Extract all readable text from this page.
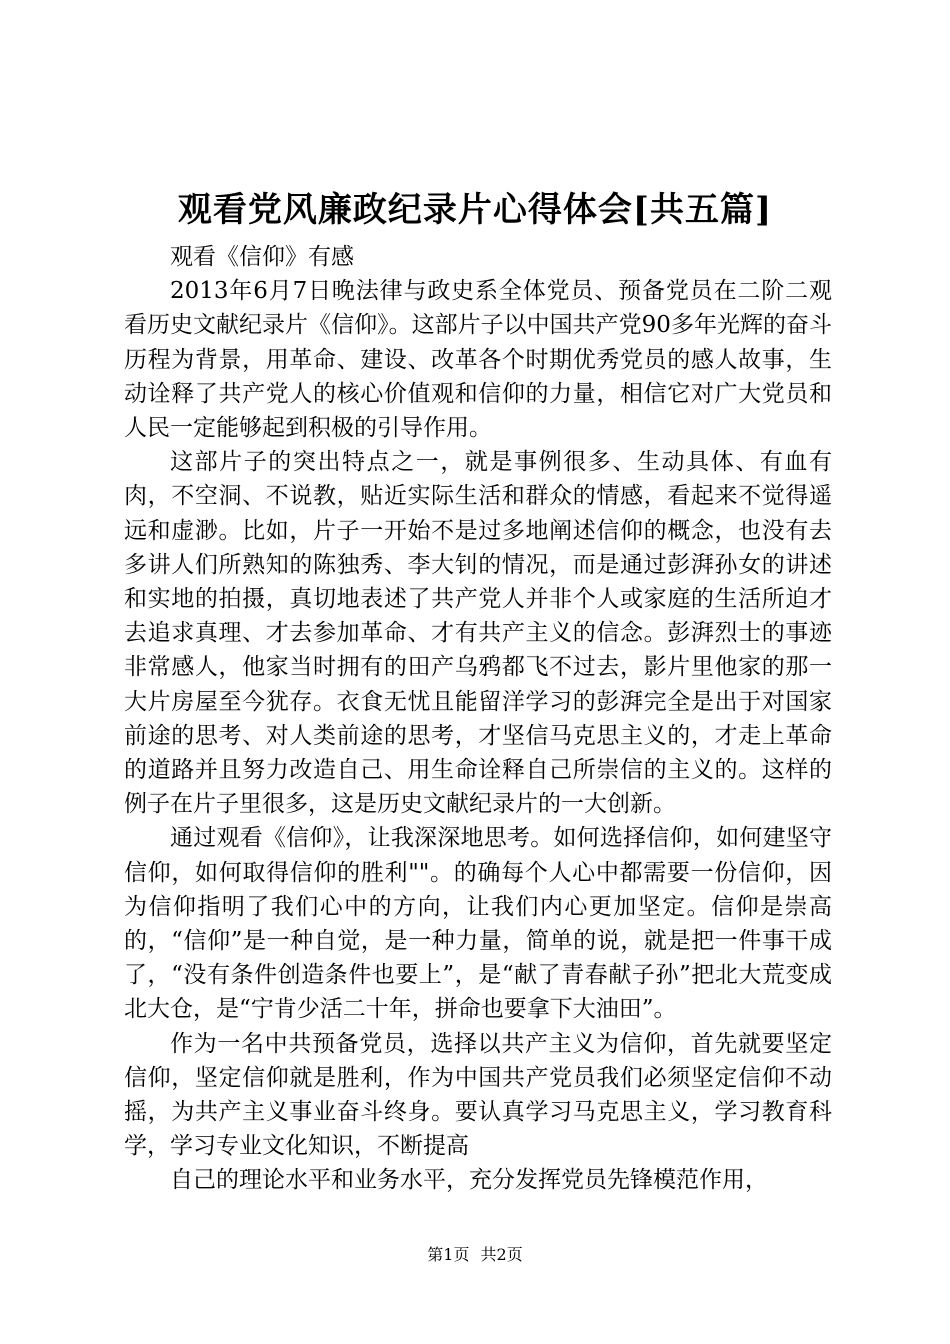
观看党风廉政纪录片心得体会[共五篇]

观看《信仰》有感

2013年6月7日晚法律与政史系全体党员、预备党员在二阶二观看历史文献纪录片《信仰》。这部片子以中国共产党90多年光辉的奋斗历程为背景，用革命、建设、改革各个时期优秀党员的感人故事，生动诠释了共产党人的核心价值观和信仰的力量，相信它对广大党员和人民一定能够起到积极的引导作用。

这部片子的突出特点之一，就是事例很多、生动具体、有血有肉，不空洞、不说教，贴近实际生活和群众的情感，看起来不觉得遥远和虚渺。比如，片子一开始不是过多地阐述信仰的概念，也没有去多讲人们所熟知的陈独秀、李大钊的情况，而是通过彭湃孙女的讲述和实地的拍摄，真切地表述了共产党人并非个人或家庭的生活所迫才去追求真理、才去参加革命、才有共产主义的信念。彭湃烈士的事迹非常感人，他家当时拥有的田产乌鸦都飞不过去，影片里他家的那一大片房屋至今犹存。衣食无忧且能留洋学习的彭湃完全是出于对国家前途的思考、对人类前途的思考，才坚信马克思主义的，才走上革命的道路并且努力改造自己、用生命诠释自己所崇信的主义的。这样的例子在片子里很多，这是历史文献纪录片的一大创新。

通过观看《信仰》，让我深深地思考。如何选择信仰，如何建坚守信仰，如何取得信仰的胜利""。的确每个人心中都需要一份信仰，因为信仰指明了我们心中的方向，让我们内心更加坚定。信仰是崇高的，“信仰”是一种自觉，是一种力量，简单的说，就是把一件事干成了，“没有条件创造条件也要上”，是“献了青春献子孙”把北大荒变成北大仓，是“宁肯少活二十年，拼命也要拿下大油田”。

作为一名中共预备党员，选择以共产主义为信仰，首先就要坚定信仰，坚定信仰就是胜利，作为中国共产党员我们必须坚定信仰不动摇，为共产主义事业奋斗终身。要认真学习马克思主义，学习教育科学，学习专业文化知识，不断提高

自己的理论水平和业务水平，充分发挥党员先锋模范作用，

第1页 共2页
